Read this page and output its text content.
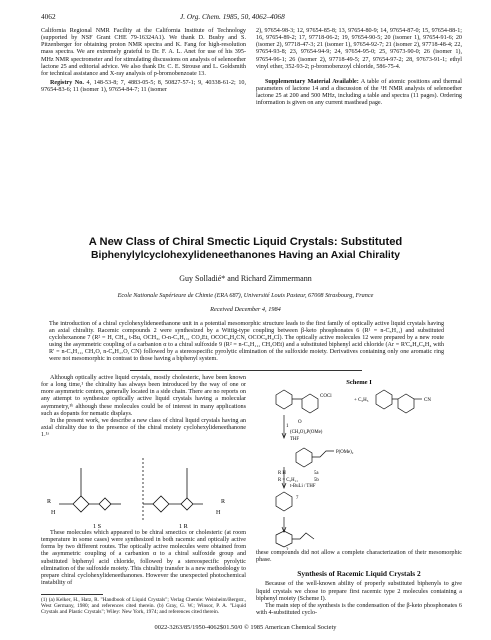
4062	J. Org. Chem. 1985, 50, 4062–4068

California Regional NMR Facility at the California Institute of Technology (supported by NSF Grant CHE 79-16324A1). We thank D. Busby and S. Pitzenberger for obtaining proton NMR spectra and K. Fang for high-resolution mass spectra. We are extremely grateful to Dr. F. A. L. Anet for use of his 395-MHz NMR spectrometer and for stimulating discussions on analysis of selenoether lactone 25 and editorial advice. We also thank Dr. C. E. Strouse and L. Goldsmith for technical assistance and X-ray analysis of p-bromobenzoate 13.

Registry No. 4, 148-53-8; 7, 4883-05-5; 8, 50827-57-1; 9, 40338-61-2; 10, 97654-83-6; 11 (isomer 1), 97654-84-7; 11 (isomer

2), 97654-98-3; 12, 97654-85-8; 13, 97654-80-9; 14, 97654-87-0; 15, 97654-88-1; 16, 97654-89-2; 17, 97718-06-2; 19, 97654-90-5; 20 (isomer 1), 97654-91-6; 20 (isomer 2), 97718-47-3; 21 (isomer 1), 97654-92-7; 21 (isomer 2), 97718-48-4; 22, 97654-93-8; 23, 97654-94-9; 24, 97654-95-0; 25, 97673-90-0; 26 (isomer 1), 97654-96-1; 26 (isomer 2), 97718-49-5; 27, 97654-97-2; 28, 97673-91-1; ethyl vinyl ether, 352-93-2; p-bromobenzoyl chloride, 586-75-4.

Supplementary Material Available: A table of atomic positions and thermal parameters of lactone 14 and a discussion of the ¹H NMR analysis of selenoether lactone 25 at 200 and 500 MHz, including a table and spectra (11 pages). Ordering information is given on any current masthead page.

A New Class of Chiral Smectic Liquid Crystals: Substituted
Biphenylylcyclohexylideneethanones Having an Axial Chirality
Guy Solladié* and Richard Zimmermann
Ecole Nationale Supérieure de Chimie (ERA 687), Université Louis Pasteur, 67008 Strasbourg, France
Received December 4, 1984
The introduction of a chiral cyclohexylideneethanone unit in a potential mesomorphic structure leads to the first family of optically active liquid crystals having an axial chirality. Racemic compounds 2 were synthesized by a Wittig-type coupling between β-keto phosphonates 6 (R¹ = n-C₅H₁₁) and substituted cyclohexanone 7 (R² = H, CH₃, t-Bu, OCH₃, O-n-C₅H₁₁, CO₂Et, OCOC₆H₄CN, OCOC₆H₄Cl). The optically active molecules 12 were prepared by a new route using the asymmetric coupling of a carbanion α to a chiral sulfoxide 9 (R² = n-C₅H₁₁, CH₂OEt) and a substituted biphenyl acid chloride (Ar = R'C₆H₄C₆H₄ with R' = n-C₅H₁₁, CH₃O, n-C₈H₁₇O, CN) followed by a stereospecific pyrolytic elimination of the sulfoxide moiety. Derivatives containing only one aromatic ring were not mesomorphic in contrast to those having a biphenyl system.

Although optically active liquid crystals, mostly cholesteric, have been known for a long time,¹ the chirality has always been introduced by the way of one or more asymmetric centers, generally located in a side chain. There are no reports on any attempt to synthesize optically active liquid crystals having a molecular asymmetry,¹ᵇ although these molecules could be of interest in many applications such as dopants for nematic displays.

In the present work, we describe a new class of chiral liquid crystals having an axial chirality due to the presence of the chiral moiety cyclohexylideneethanone 1.¹ᵃ

R
H
R
H
1 S	1 R

These molecules which appeared to be chiral smectics or cholesteric (at room temperature in some cases) were synthesized in both racemic and optically active forms by two different routes. The optically active molecules were obtained from the asymmetric coupling of a carbanion α to a chiral sulfoxide group and substituted biphenyl acid chloride, followed by a stereospecific pyrolytic elimination of the sulfoxide moiety. This chirality transfer is a new methodology to prepare chiral cyclohexylideneethanones. However the unexpected photochemical instability of

(1) (a) Kelker, H., Hatz, R. "Handbook of Liquid Crystals"; Verlag Chemie: Weinheim/Bergstr., West Germany, 1980; and references cited therein. (b) Gray, G. W.; Winsor, P. A. "Liquid Crystals and Plastic Crystals"; Wiley: New York, 1974; and references cited therein.
Scheme I
COCl
+ C₂H₅	CN
1
O
(CH₃O)₂P(OMe)
THF
P(OMe)₂
R H
R = C₅H₁₁
5a
5b
t-BuLi / THF
7

these compounds did not allow a complete characterization of their mesomorphic phase.

Synthesis of Racemic Liquid Crystals 2

Because of the well-known ability of properly substituted biphenyls to give liquid crystals we chose to prepare first racemic type 2 molecules containing a biphenyl moiety (Scheme I).

The main step of the synthesis is the condensation of the β-keto phosphonates 6 with 4-substituted cyclo-

0022-3263/85/1950-4062$01.50/0 © 1985 American Chemical Society
